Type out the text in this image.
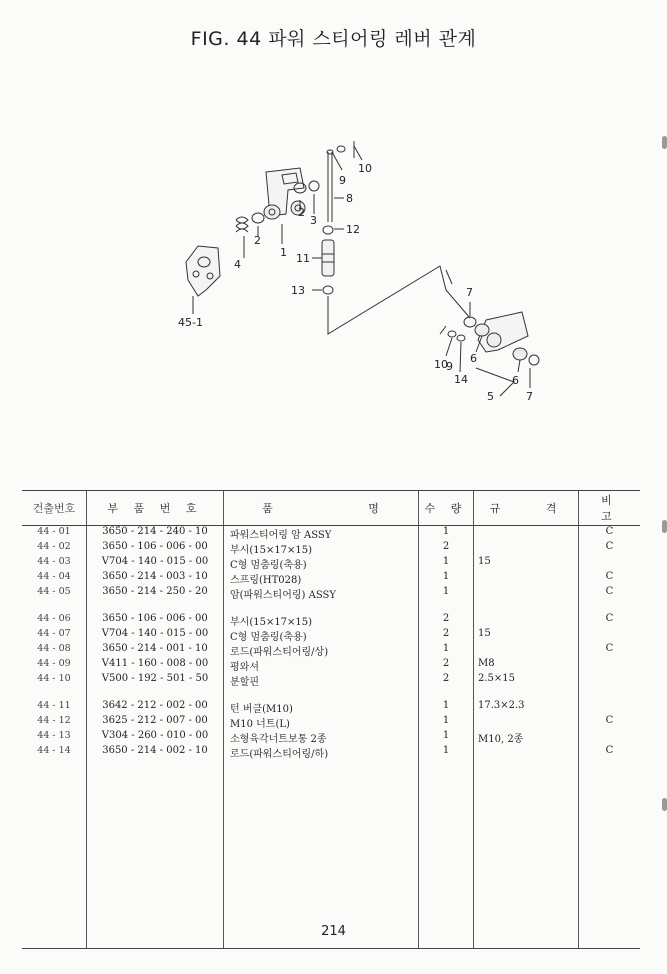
FIG. 44 파워 스티어링 레버 관계
10
9
8
3
12
2
2
1
4	11
13
45-1
7
6
10
9
14	6
5	7
건출번호	부 품 번 호	품 명	수 량	규 격	비 고
44 - 01	3650 - 214 - 240 - 10	파워스티어링 암 ASSY	1		C
44 - 02	3650 - 106 - 006 - 00	부시(15×17×15)	2		C
44 - 03	V704 - 140 - 015 - 00	C형 멈춤링(축용)	1	15	
44 - 04	3650 - 214 - 003 - 10	스프링(HT028)	1		C
44 - 05	3650 - 214 - 250 - 20	암(파워스티어링) ASSY	1		C

44 - 06	3650 - 106 - 006 - 00	부시(15×17×15)	2		C
44 - 07	V704 - 140 - 015 - 00	C형 멈춤링(축용)	2	15	
44 - 08	3650 - 214 - 001 - 10	로드(파워스티어링/상)	1		C
44 - 09	V411 - 160 - 008 - 00	평와셔	2	M8	
44 - 10	V500 - 192 - 501 - 50	분할핀	2	2.5×15	

44 - 11	3642 - 212 - 002 - 00	턴 버클(M10)	1	17.3×2.3	
44 - 12	3625 - 212 - 007 - 00	M10 너트(L)	1		C
44 - 13	V304 - 260 - 010 - 00	소형육각너트보통 2종	1	M10, 2종	
44 - 14	3650 - 214 - 002 - 10	로드(파워스티어링/하)	1		C

214
